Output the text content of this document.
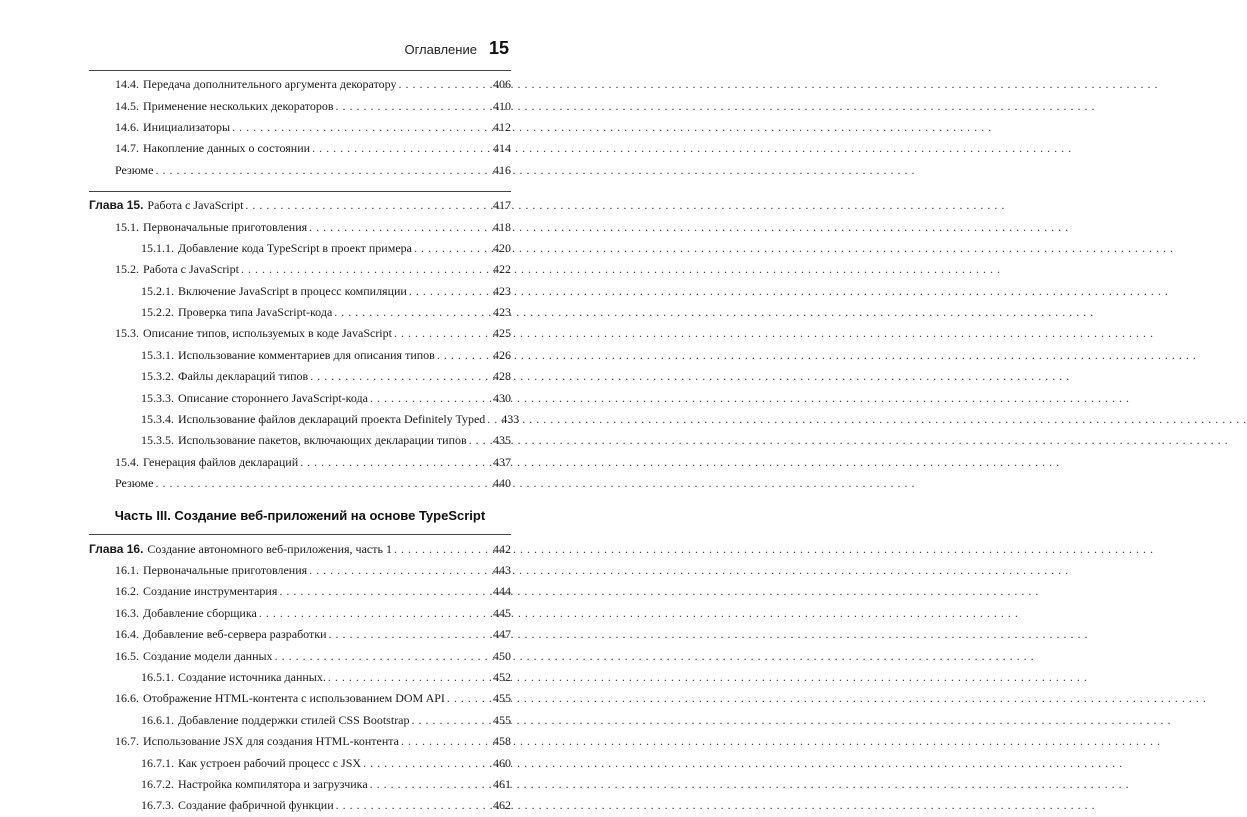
Оглавление 15
14.4. Передача дополнительного аргумента декоратору . . .	406
14.5. Применение нескольких декораторов . . .	410
14.6. Инициализаторы . . .	412
14.7. Накопление данных о состоянии . . .	414
Резюме . . .	416
Глава 15. Работа с JavaScript . . .	417
15.1. Первоначальные приготовления . . .	418
15.1.1. Добавление кода TypeScript в проект примера . . .	420
15.2. Работа с JavaScript . . .	422
15.2.1. Включение JavaScript в процесс компиляции . . .	423
15.2.2. Проверка типа JavaScript-кода . . .	423
15.3. Описание типов, используемых в коде JavaScript . . .	425
15.3.1. Использование комментариев для описания типов . . .	426
15.3.2. Файлы деклараций типов . . .	428
15.3.3. Описание стороннего JavaScript-кода . . .	430
15.3.4. Использование файлов деклараций проекта Definitely Typed . . .	433
15.3.5. Использование пакетов, включающих декларации типов . . .	435
15.4. Генерация файлов деклараций . . .	437
Резюме . . .	440
Часть III. Создание веб-приложений на основе TypeScript
Глава 16. Создание автономного веб-приложения, часть 1 . . .	442
16.1. Первоначальные приготовления . . .	443
16.2. Создание инструментария . . .	444
16.3. Добавление сборщика . . .	445
16.4. Добавление веб-сервера разработки . . .	447
16.5. Создание модели данных . . .	450
16.5.1. Создание источника данных. . . .	452
16.6. Отображение HTML-контента с использованием DOM API . . .	455
16.6.1. Добавление поддержки стилей CSS Bootstrap . . .	455
16.7. Использование JSX для создания HTML-контента . . .	458
16.7.1. Как устроен рабочий процесс с JSX . . .	460
16.7.2. Настройка компилятора и загрузчика . . .	461
16.7.3. Создание фабричной функции . . .	462
